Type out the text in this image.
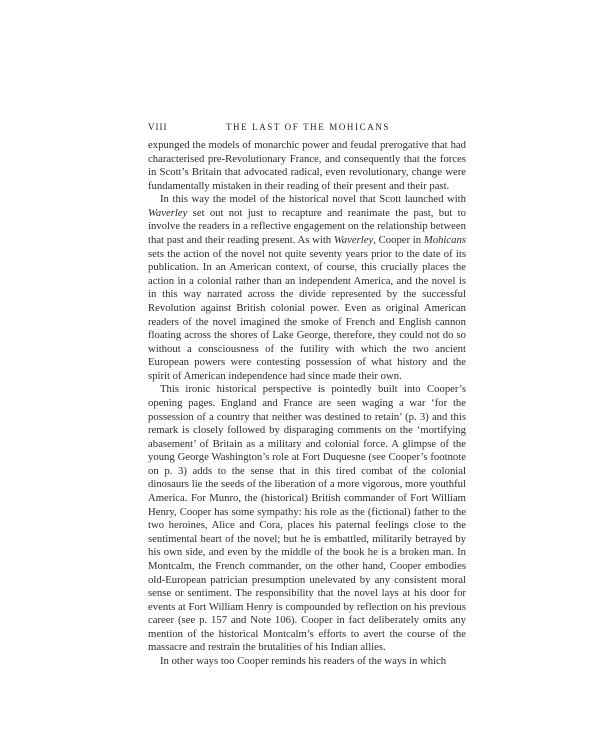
VIII	THE LAST OF THE MOHICANS

expunged the models of monarchic power and feudal prerogative that had characterised pre-Revolutionary France, and consequently that the forces in Scott’s Britain that advocated radical, even revolutionary, change were fundamentally mistaken in their reading of their present and their past.

In this way the model of the historical novel that Scott launched with Waverley set out not just to recapture and reanimate the past, but to involve the readers in a reflective engagement on the relationship between that past and their reading present. As with Waverley, Cooper in Mohicans sets the action of the novel not quite seventy years prior to the date of its publication. In an American context, of course, this crucially places the action in a colonial rather than an independent America, and the novel is in this way narrated across the divide represented by the successful Revolution against British colonial power. Even as original American readers of the novel imagined the smoke of French and English cannon floating across the shores of Lake George, therefore, they could not do so without a consciousness of the futility with which the two ancient European powers were contesting possession of what history and the spirit of American independence had since made their own.

This ironic historical perspective is pointedly built into Cooper’s opening pages. England and France are seen waging a war ‘for the possession of a country that neither was destined to retain’ (p. 3) and this remark is closely followed by disparaging comments on the ‘mortifying abasement’ of Britain as a military and colonial force. A glimpse of the young George Washington’s role at Fort Duquesne (see Cooper’s footnote on p. 3) adds to the sense that in this tired combat of the colonial dinosaurs lie the seeds of the liberation of a more vigorous, more youthful America. For Munro, the (historical) British commander of Fort William Henry, Cooper has some sympathy: his role as the (fictional) father to the two heroines, Alice and Cora, places his paternal feelings close to the sentimental heart of the novel; but he is embattled, militarily betrayed by his own side, and even by the middle of the book he is a broken man. In Montcalm, the French commander, on the other hand, Cooper embodies old-European patrician presumption unelevated by any consistent moral sense or sentiment. The responsibility that the novel lays at his door for events at Fort William Henry is compounded by reflection on his previous career (see p. 157 and Note 106). Cooper in fact deliberately omits any mention of the historical Montcalm’s efforts to avert the course of the massacre and restrain the brutalities of his Indian allies.

In other ways too Cooper reminds his readers of the ways in which
